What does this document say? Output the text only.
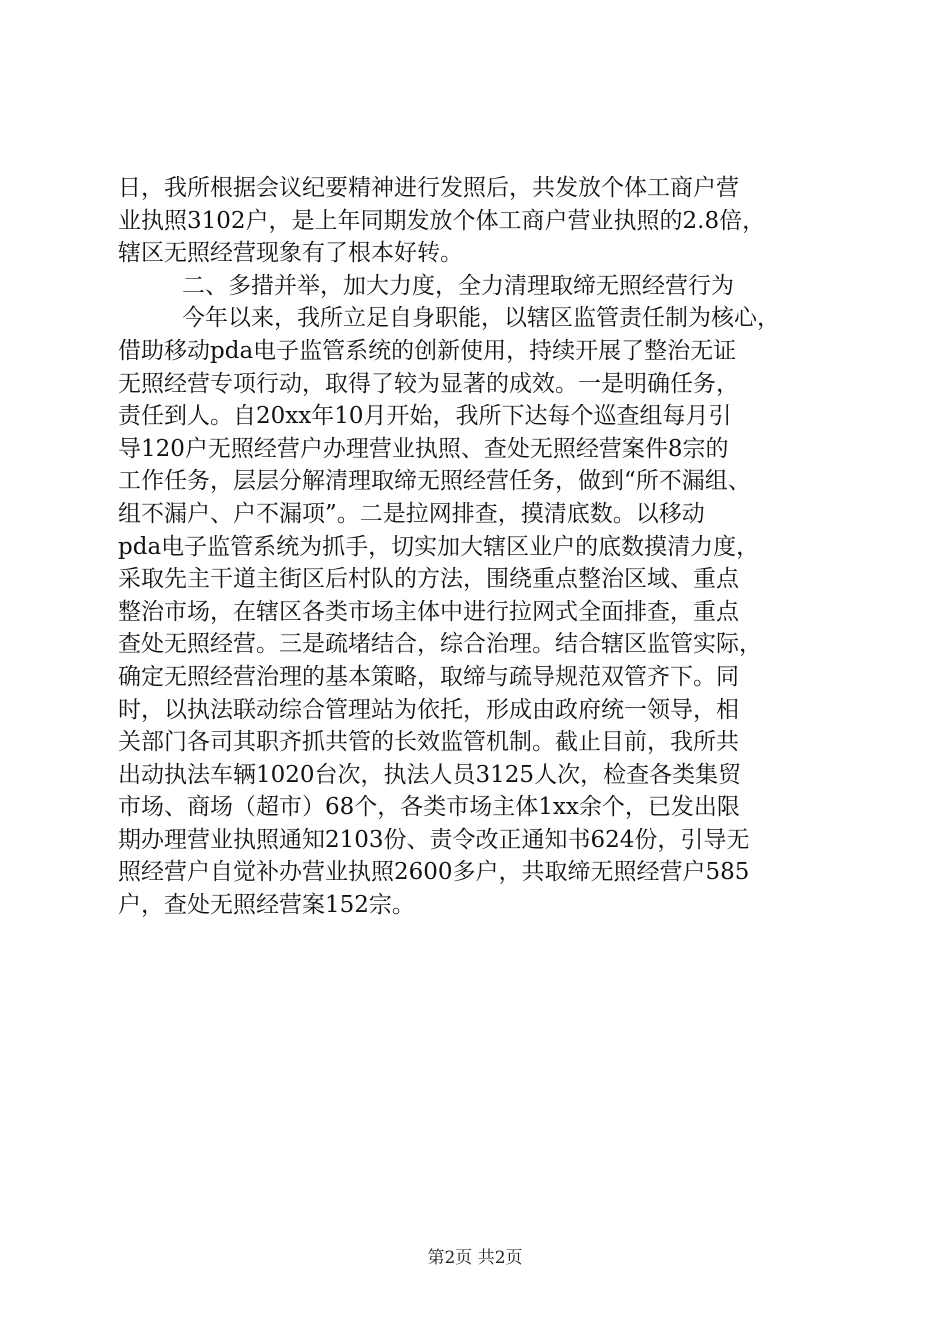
日，我所根据会议纪要精神进行发照后，共发放个体工商户营
业执照3102户，是上年同期发放个体工商户营业执照的2.8倍，
辖区无照经营现象有了根本好转。

二、多措并举，加大力度，全力清理取缔无照经营行为

今年以来，我所立足自身职能，以辖区监管责任制为核心，
借助移动pda电子监管系统的创新使用，持续开展了整治无证
无照经营专项行动，取得了较为显著的成效。一是明确任务，
责任到人。自20xx年10月开始，我所下达每个巡查组每月引
导120户无照经营户办理营业执照、查处无照经营案件8宗的
工作任务，层层分解清理取缔无照经营任务，做到“所不漏组、
组不漏户、户不漏项”。二是拉网排查，摸清底数。以移动
pda电子监管系统为抓手，切实加大辖区业户的底数摸清力度，
采取先主干道主街区后村队的方法，围绕重点整治区域、重点
整治市场，在辖区各类市场主体中进行拉网式全面排查，重点
查处无照经营。三是疏堵结合，综合治理。结合辖区监管实际，
确定无照经营治理的基本策略，取缔与疏导规范双管齐下。同
时，以执法联动综合管理站为依托，形成由政府统一领导，相
关部门各司其职齐抓共管的长效监管机制。截止目前，我所共
出动执法车辆1020台次，执法人员3125人次，检查各类集贸
市场、商场（超市）68个，各类市场主体1xx余个，已发出限
期办理营业执照通知2103份、责令改正通知书624份，引导无
照经营户自觉补办营业执照2600多户，共取缔无照经营户585
户，查处无照经营案152宗。

第2页 共2页
